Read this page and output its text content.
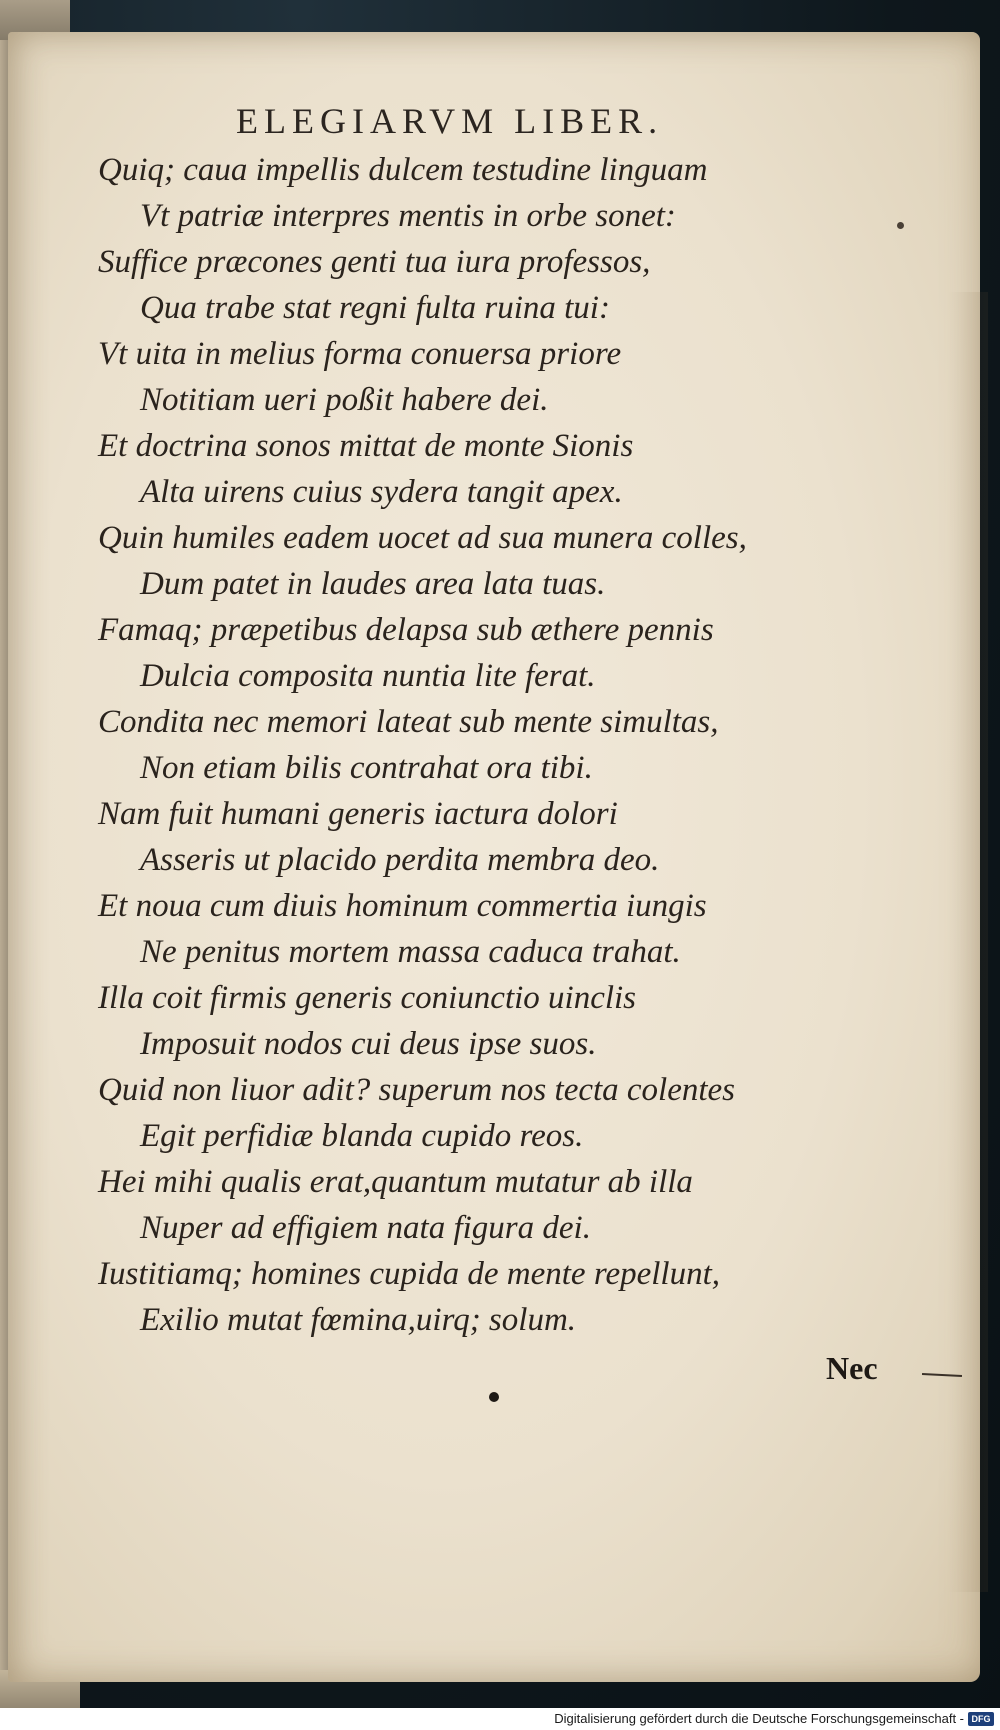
ELEGIARVM LIBER.
Quiq; caua impellis dulcem testudine linguam
Vt patriæ interpres mentis in orbe sonet:
Suffice præcones genti tua iura professos,
Qua trabe stat regni fulta ruina tui:
Vt uita in melius forma conuersa priore
Notitiam ueri poßit habere dei.
Et doctrina sonos mittat de monte Sionis
Alta uirens cuius sydera tangit apex.
Quin humiles eadem uocet ad sua munera colles,
Dum patet in laudes area lata tuas.
Famaq; præpetibus delapsa sub æthere pennis
Dulcia composita nuntia lite ferat.
Condita nec memori lateat sub mente simultas,
Non etiam bilis contrahat ora tibi.
Nam fuit humani generis iactura dolori
Asseris ut placido perdita membra deo.
Et noua cum diuis hominum commertia iungis
Ne penitus mortem massa caduca trahat.
Illa coit firmis generis coniunctio uinclis
Imposuit nodos cui deus ipse suos.
Quid non liuor adit? superum nos tecta colentes
Egit perfidiæ blanda cupido reos.
Hei mihi qualis erat,quantum mutatur ab illa
Nuper ad effigiem nata figura dei.
Iustitiamq; homines cupida de mente repellunt,
Exilio mutat fœmina,uirq; solum.
Nec
Digitalisierung gefördert durch die Deutsche Forschungsgemeinschaft - DFG
